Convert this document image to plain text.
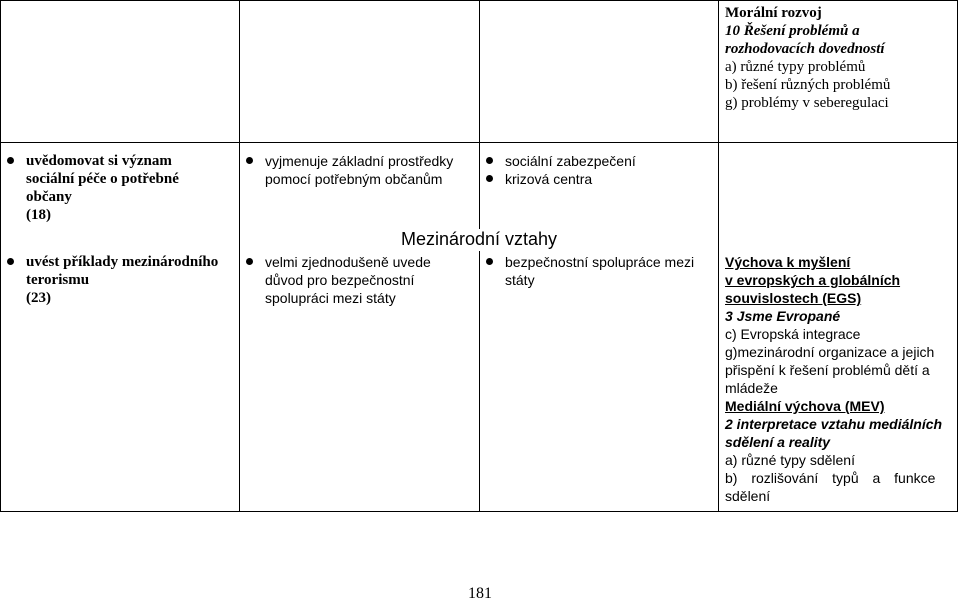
Morální rozvoj
10 Řešení problémů a
rozhodovacích dovedností
a) různé typy problémů
b) řešení různých problémů
g) problémy v seberegulaci
uvědomovat si význam
sociální péče o potřebné
občany
(18)
vyjmenuje základní prostředky
pomocí potřebným občanům
sociální zabezpečení
krizová centra
Mezinárodní vztahy
uvést příklady mezinárodního
terorismu
(23)
velmi zjednodušeně uvede
důvod pro bezpečnostní
spolupráci mezi státy
bezpečnostní spolupráce mezi
státy

Výchova k myšlení

v evropských a globálních

souvislostech (EGS)

3 Jsme Evropané

c) Evropská integrace

g)mezinárodní organizace a jejich

přispění k řešení problémů dětí a

mládeže

Mediální výchova (MEV)

2 interpretace vztahu mediálních

sdělení a reality

a) různé typy sdělení

b) rozlišování typů a funkce

sdělení

181
